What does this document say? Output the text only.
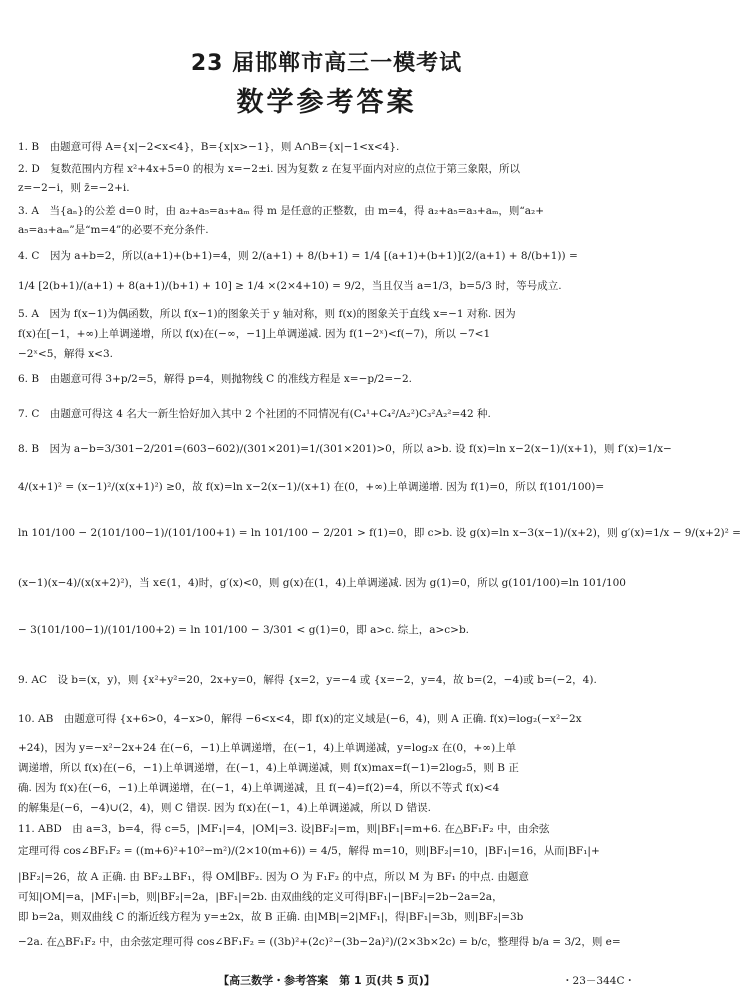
23 届邯郸市高三一模考试
数学参考答案
1. B　由题意可得 A={x|−2<x<4}，B={x|x>−1}，则 A∩B={x|−1<x<4}.
2. D　复数范围内方程 x²+4x+5=0 的根为 x=−2±i. 因为复数 z 在复平面内对应的点位于第三象限，所以
z=−2−i，则 z̄=−2+i.
3. A　当{aₙ}的公差 d=0 时，由 a₂+a₅=a₃+aₘ 得 m 是任意的正整数，由 m=4，得 a₂+a₅=a₃+aₘ，则“a₂+
a₅=a₃+aₘ”是“m=4”的必要不充分条件.
4. C　因为 a+b=2，所以(a+1)+(b+1)=4，则 2/(a+1) + 8/(b+1) = 1/4 [(a+1)+(b+1)](2/(a+1) + 8/(b+1)) =
1/4 [2(b+1)/(a+1) + 8(a+1)/(b+1) + 10] ≥ 1/4 ×(2×4+10) = 9/2，当且仅当 a=1/3，b=5/3 时，等号成立.
5. A　因为 f(x−1)为偶函数，所以 f(x−1)的图象关于 y 轴对称，则 f(x)的图象关于直线 x=−1 对称. 因为
f(x)在[−1，+∞)上单调递增，所以 f(x)在(−∞，−1]上单调递减. 因为 f(1−2ˣ)<f(−7)，所以 −7<1
−2ˣ<5，解得 x<3.
6. B　由题意可得 3+p/2=5，解得 p=4，则抛物线 C 的准线方程是 x=−p/2=−2.
7. C　由题意可得这 4 名大一新生恰好加入其中 2 个社团的不同情况有(C₄¹+C₄²/A₂²)C₃²A₂²=42 种.
8. B　因为 a−b=3/301−2/201=(603−602)/(301×201)=1/(301×201)>0，所以 a>b. 设 f(x)=ln x−2(x−1)/(x+1)，则 f′(x)=1/x−
4/(x+1)² = (x−1)²/(x(x+1)²) ≥0，故 f(x)=ln x−2(x−1)/(x+1) 在(0，+∞)上单调递增. 因为 f(1)=0，所以 f(101/100)=
ln 101/100 − 2(101/100−1)/(101/100+1) = ln 101/100 − 2/201 > f(1)=0，即 c>b. 设 g(x)=ln x−3(x−1)/(x+2)，则 g′(x)=1/x − 9/(x+2)² =
(x−1)(x−4)/(x(x+2)²)，当 x∈(1，4)时，g′(x)<0，则 g(x)在(1，4)上单调递减. 因为 g(1)=0，所以 g(101/100)=ln 101/100
− 3(101/100−1)/(101/100+2) = ln 101/100 − 3/301 < g(1)=0，即 a>c. 综上，a>c>b.
9. AC　设 b=(x，y)，则 {x²+y²=20，2x+y=0，解得 {x=2，y=−4 或 {x=−2，y=4，故 b=(2，−4)或 b=(−2，4).
10. AB　由题意可得 {x+6>0，4−x>0，解得 −6<x<4，即 f(x)的定义域是(−6，4)，则 A 正确. f(x)=log₂(−x²−2x
+24)，因为 y=−x²−2x+24 在(−6，−1)上单调递增，在(−1，4)上单调递减，y=log₂x 在(0，+∞)上单
调递增，所以 f(x)在(−6，−1)上单调递增，在(−1，4)上单调递减，则 f(x)max=f(−1)=2log₂5，则 B 正
确. 因为 f(x)在(−6，−1)上单调递增，在(−1，4)上单调递减，且 f(−4)=f(2)=4，所以不等式 f(x)<4
的解集是(−6，−4)∪(2，4)，则 C 错误. 因为 f(x)在(−1，4)上单调递减，所以 D 错误.
11. ABD　由 a=3，b=4，得 c=5，|MF₁|=4，|OM|=3. 设|BF₂|=m，则|BF₁|=m+6. 在△BF₁F₂ 中，由余弦
定理可得 cos∠BF₁F₂ = ((m+6)²+10²−m²)/(2×10(m+6)) = 4/5，解得 m=10，则|BF₂|=10，|BF₁|=16，从而|BF₁|+
|BF₂|=26，故 A 正确. 由 BF₂⊥BF₁，得 OM∥BF₂. 因为 O 为 F₁F₂ 的中点，所以 M 为 BF₁ 的中点. 由题意
可知|OM|=a，|MF₁|=b，则|BF₂|=2a，|BF₁|=2b. 由双曲线的定义可得|BF₁|−|BF₂|=2b−2a=2a，
即 b=2a，则双曲线 C 的渐近线方程为 y=±2x，故 B 正确. 由|MB|=2|MF₁|，得|BF₁|=3b，则|BF₂|=3b
−2a. 在△BF₁F₂ 中，由余弦定理可得 cos∠BF₁F₂ = ((3b)²+(2c)²−(3b−2a)²)/(2×3b×2c) = b/c，整理得 b/a = 3/2，则 e=
【高三数学・参考答案　第 1 页(共 5 页)】	・23－344C・
